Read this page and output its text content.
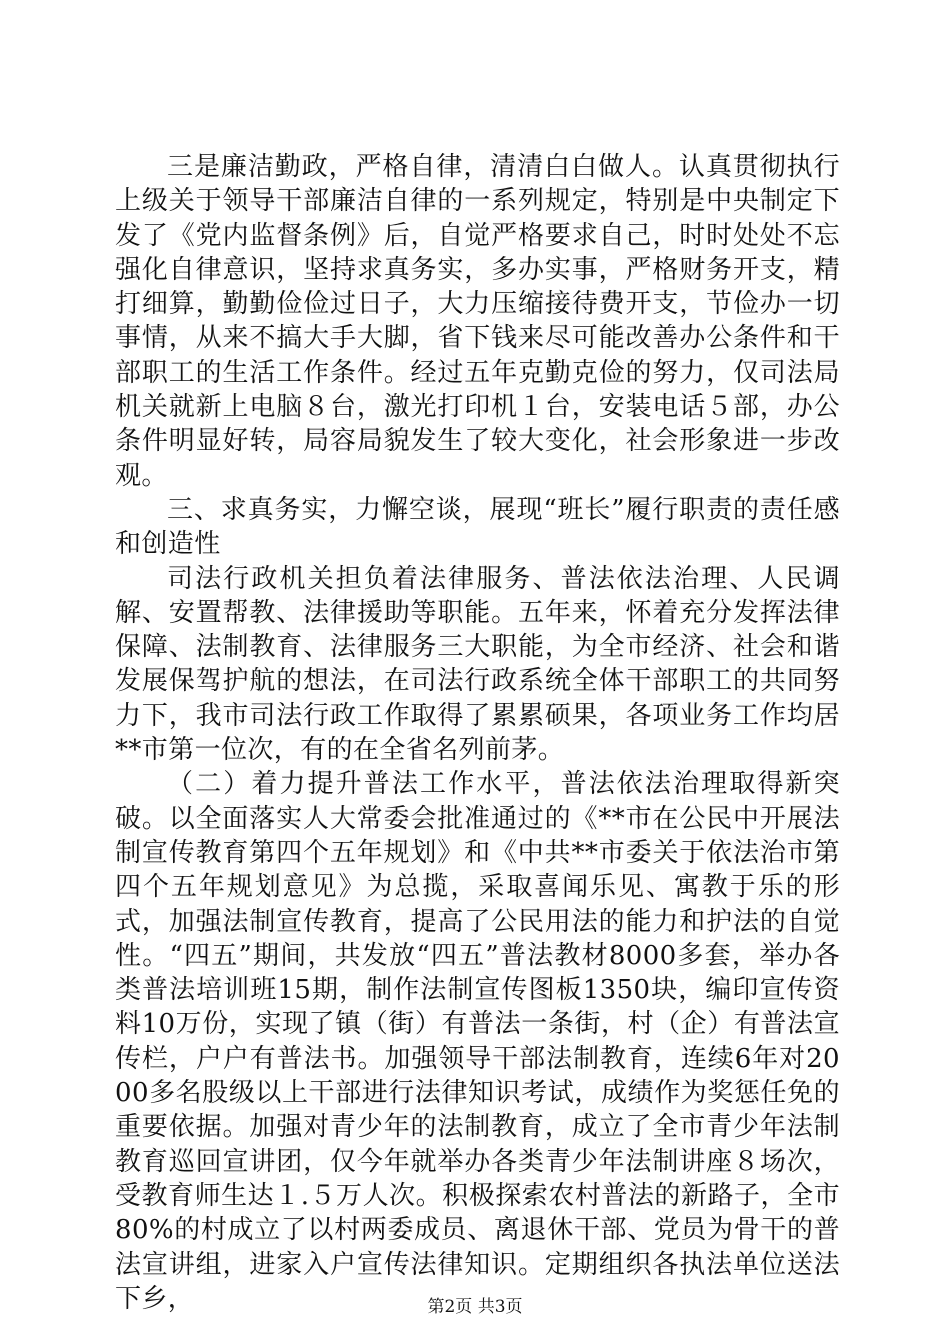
三是廉洁勤政，严格自律，清清白白做人。认真贯彻执行上级关于领导干部廉洁自律的一系列规定，特别是中央制定下发了《党内监督条例》后，自觉严格要求自己，时时处处不忘强化自律意识，坚持求真务实，多办实事，严格财务开支，精打细算，勤勤俭俭过日子，大力压缩接待费开支，节俭办一切事情，从来不搞大手大脚，省下钱来尽可能改善办公条件和干部职工的生活工作条件。经过五年克勤克俭的努力，仅司法局机关就新上电脑８台，激光打印机１台，安装电话５部，办公条件明显好转，局容局貌发生了较大变化，社会形象进一步改观。

三、求真务实，力懈空谈，展现“班长”履行职责的责任感和创造性

司法行政机关担负着法律服务、普法依法治理、人民调解、安置帮教、法律援助等职能。五年来，怀着充分发挥法律保障、法制教育、法律服务三大职能，为全市经济、社会和谐发展保驾护航的想法，在司法行政系统全体干部职工的共同努力下，我市司法行政工作取得了累累硕果，各项业务工作均居**市第一位次，有的在全省名列前茅。

（二）着力提升普法工作水平，普法依法治理取得新突破。以全面落实人大常委会批准通过的《**市在公民中开展法制宣传教育第四个五年规划》和《中共**市委关于依法治市第四个五年规划意见》为总揽，采取喜闻乐见、寓教于乐的形式，加强法制宣传教育，提高了公民用法的能力和护法的自觉性。“四五”期间，共发放“四五”普法教材8000多套，举办各类普法培训班15期，制作法制宣传图板1350块，编印宣传资料10万份，实现了镇（街）有普法一条街，村（企）有普法宣传栏，户户有普法书。加强领导干部法制教育，连续6年对2000多名股级以上干部进行法律知识考试，成绩作为奖惩任免的重要依据。加强对青少年的法制教育，成立了全市青少年法制教育巡回宣讲团，仅今年就举办各类青少年法制讲座８场次，受教育师生达１.５万人次。积极探索农村普法的新路子，全市80%的村成立了以村两委成员、离退休干部、党员为骨干的普法宣讲组，进家入户宣传法律知识。定期组织各执法单位送法下乡，	第2页 共3页
